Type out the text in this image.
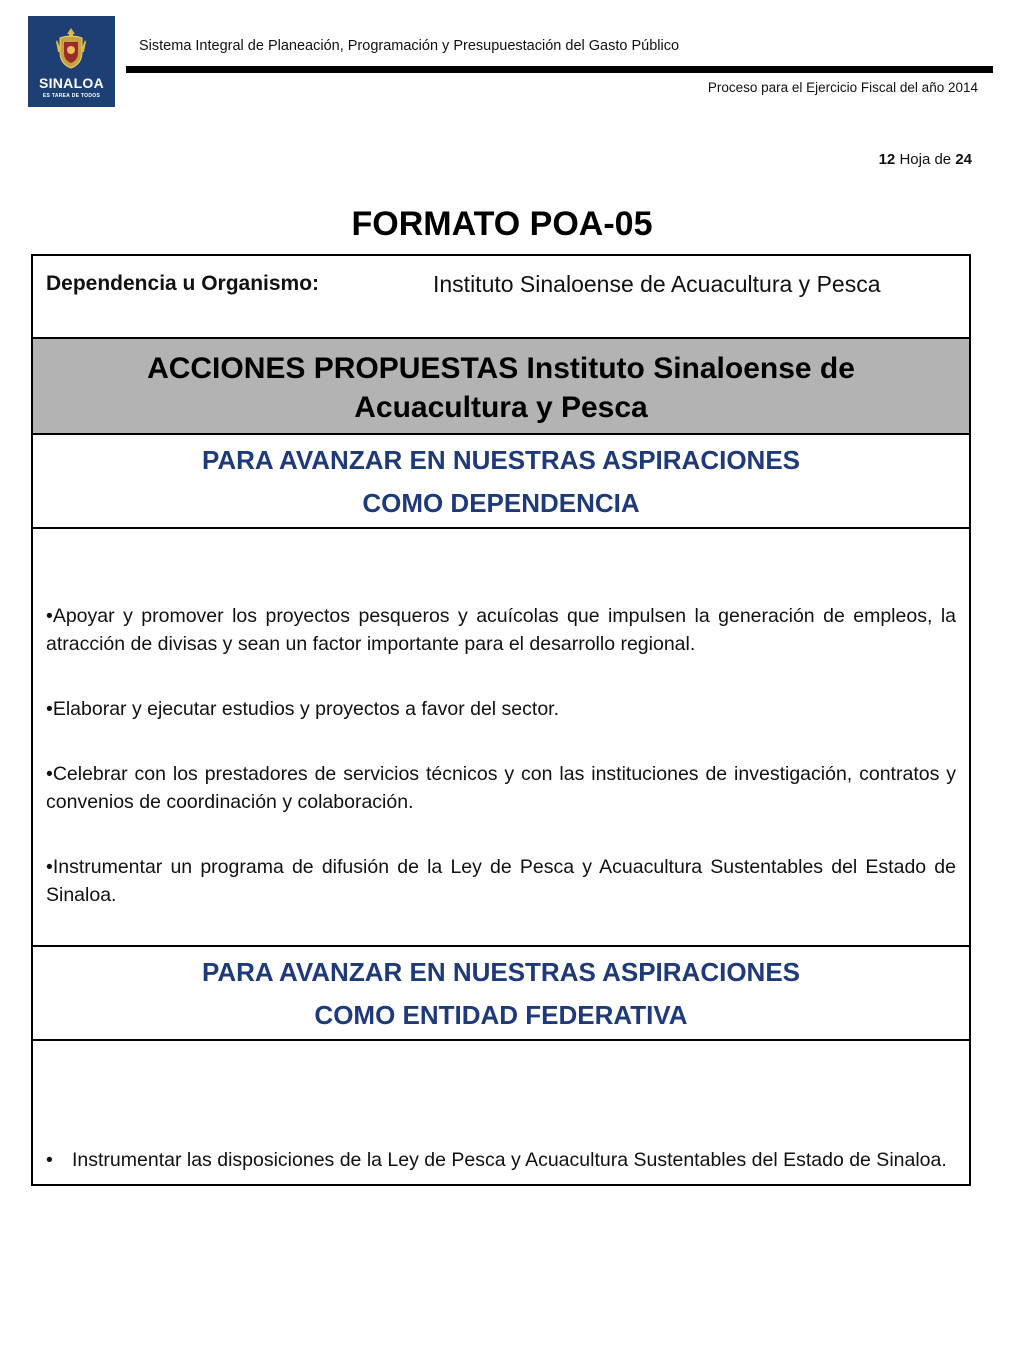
SINALOA
ES TAREA DE TODOS
Sistema Integral de Planeación, Programación y Presupuestación del Gasto Público
Proceso para el Ejercicio Fiscal del año 2014
12 Hoja de 24
FORMATO POA-05
Dependencia u Organismo:	Instituto Sinaloense de Acuacultura y Pesca
ACCIONES PROPUESTAS Instituto Sinaloense de
Acuacultura y Pesca
PARA AVANZAR EN NUESTRAS ASPIRACIONES
COMO DEPENDENCIA

•Apoyar y promover los proyectos pesqueros y acuícolas que impulsen la generación de empleos, la atracción de divisas y sean un factor importante para el desarrollo regional.

•Elaborar y ejecutar estudios y proyectos a favor del sector.

•Celebrar con los prestadores de servicios técnicos y con las instituciones de investigación, contratos y convenios de coordinación y colaboración.

•Instrumentar un programa de difusión de la Ley de Pesca y Acuacultura Sustentables del Estado de Sinaloa.

PARA AVANZAR EN NUESTRAS ASPIRACIONES
COMO ENTIDAD FEDERATIVA
• Instrumentar las disposiciones de la Ley de Pesca y Acuacultura Sustentables del Estado de Sinaloa.
